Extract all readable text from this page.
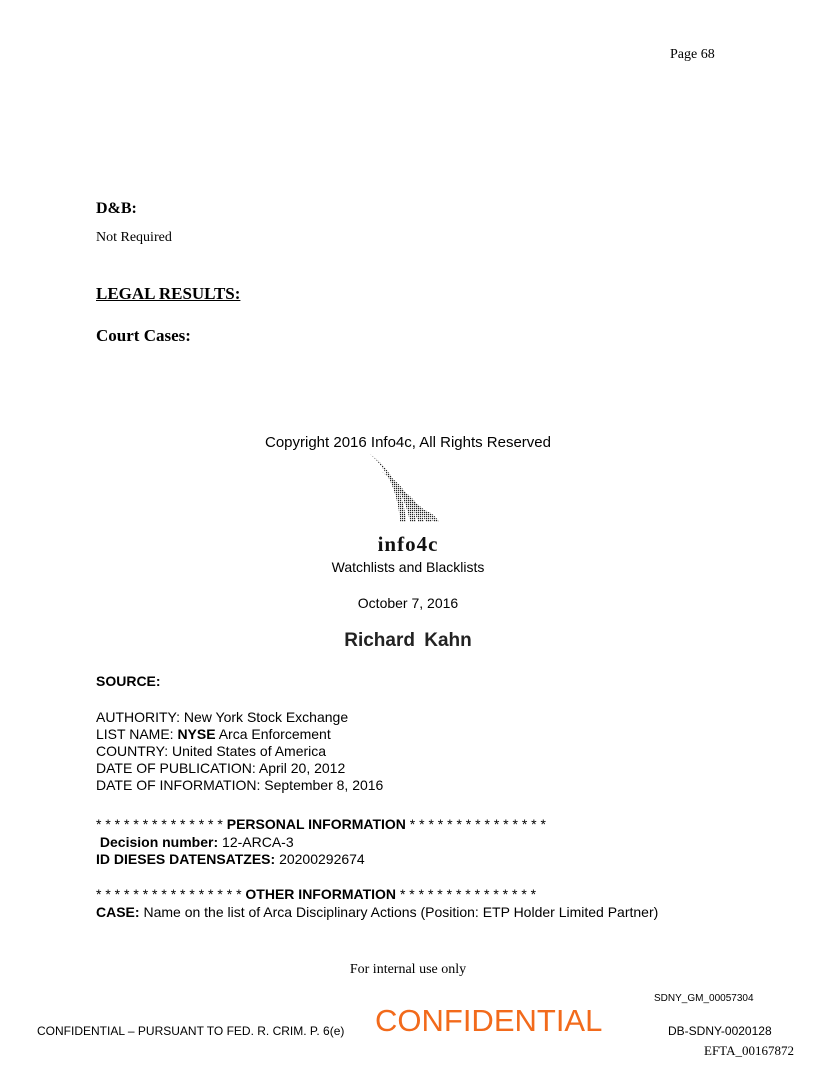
Page 68
D&B:
Not Required
LEGAL RESULTS:
Court Cases:
Copyright 2016 Info4c, All Rights Reserved
info4c
Watchlists and Blacklists
October 7, 2016
Richard Kahn
SOURCE:
AUTHORITY: New York Stock Exchange
LIST NAME: NYSE Arca Enforcement
COUNTRY: United States of America
DATE OF PUBLICATION: April 20, 2012
DATE OF INFORMATION: September 8, 2016
* * * * * * * * * * * * * * PERSONAL INFORMATION * * * * * * * * * * * * * * *
Decision number: 12-ARCA-3
ID DIESES DATENSATZES: 20200292674
* * * * * * * * * * * * * * * * OTHER INFORMATION * * * * * * * * * * * * * * *
CASE: Name on the list of Arca Disciplinary Actions (Position: ETP Holder Limited Partner)
For internal use only
SDNY_GM_00057304
CONFIDENTIAL – PURSUANT TO FED. R. CRIM. P. 6(e) CONFIDENTIAL	DB-SDNY-0020128
EFTA_00167872
